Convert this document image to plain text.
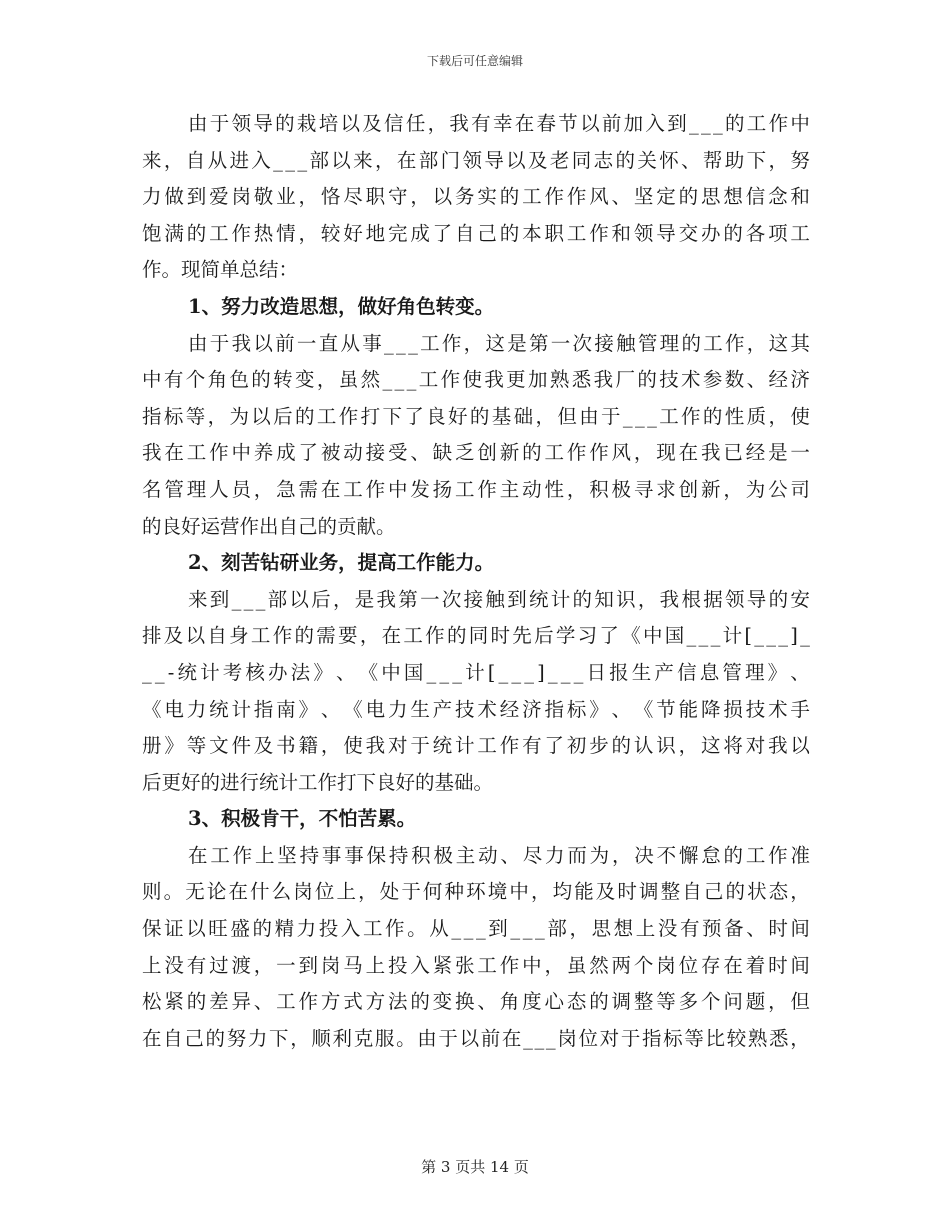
下载后可任意编辑
由 于 领 导 的 栽 培 以 及 信 任 ， 我 有 幸 在 春 节 以 前 加 入 到 _ _ _ 的 工 作 中
来 ， 自 从 进 入 _ _ _ 部 以 来 ， 在 部 门 领 导 以 及 老 同 志 的 关 怀 、 帮 助 下 ， 努
力 做 到 爱 岗 敬 业 ， 恪 尽 职 守 ， 以 务 实 的 工 作 作 风 、 坚 定 的 思 想 信 念 和
饱 满 的 工 作 热 情 ， 较 好 地 完 成 了 自 己 的 本 职 工 作 和 领 导 交 办 的 各 项 工
作。现简单总结：
1、努力改造思想，做好角色转变。
由 于 我 以 前 一 直 从 事 _ _ _ 工 作 ， 这 是 第 一 次 接 触 管 理 的 工 作 ， 这 其
中 有 个 角 色 的 转 变 ， 虽 然 _ _ _ 工 作 使 我 更 加 熟 悉 我 厂 的 技 术 参 数 、 经 济
指 标 等 ， 为 以 后 的 工 作 打 下 了 良 好 的 基 础 ， 但 由 于 _ _ _ 工 作 的 性 质 ， 使
我 在 工 作 中 养 成 了 被 动 接 受 、 缺 乏 创 新 的 工 作 作 风 ， 现 在 我 已 经 是 一
名 管 理 人 员 ， 急 需 在 工 作 中 发 扬 工 作 主 动 性 ， 积 极 寻 求 创 新 ， 为 公 司
的良好运营作出自己的贡献。
2、刻苦钻研业务，提高工作能力。
来 到 _ _ _ 部 以 后 ， 是 我 第 一 次 接 触 到 统 计 的 知 识 ， 我 根 据 领 导 的 安
排 及 以 自 身 工 作 的 需 要 ， 在 工 作 的 同 时 先 后 学 习 了 《 中 国 _ _ _ 计 [ _ _ _ ] _
_ _ - 统 计 考 核 办 法 》 、 《 中 国 _ _ _ 计 [ _ _ _ ] _ _ _ 日 报 生 产 信 息 管 理 》 、
《 电 力 统 计 指 南 》 、 《 电 力 生 产 技 术 经 济 指 标 》 、 《 节 能 降 损 技 术 手
册 》 等 文 件 及 书 籍 ， 使 我 对 于 统 计 工 作 有 了 初 步 的 认 识 ， 这 将 对 我 以
后更好的进行统计工作打下良好的基础。
3、积极肯干，不怕苦累。
在 工 作 上 坚 持 事 事 保 持 积 极 主 动 、 尽 力 而 为 ， 决 不 懈 怠 的 工 作 准
则 。 无 论 在 什 么 岗 位 上 ， 处 于 何 种 环 境 中 ， 均 能 及 时 调 整 自 己 的 状 态 ，
保 证 以 旺 盛 的 精 力 投 入 工 作 。 从 _ _ _ 到 _ _ _ 部 ， 思 想 上 没 有 预 备 、 时 间
上 没 有 过 渡 ， 一 到 岗 马 上 投 入 紧 张 工 作 中 ， 虽 然 两 个 岗 位 存 在 着 时 间
松 紧 的 差 异 、 工 作 方 式 方 法 的 变 换 、 角 度 心 态 的 调 整 等 多 个 问 题 ， 但
在 自 己 的 努 力 下 ， 顺 利 克 服 。 由 于 以 前 在 _ _ _ 岗 位 对 于 指 标 等 比 较 熟 悉 ，
第 3 页共 14 页
